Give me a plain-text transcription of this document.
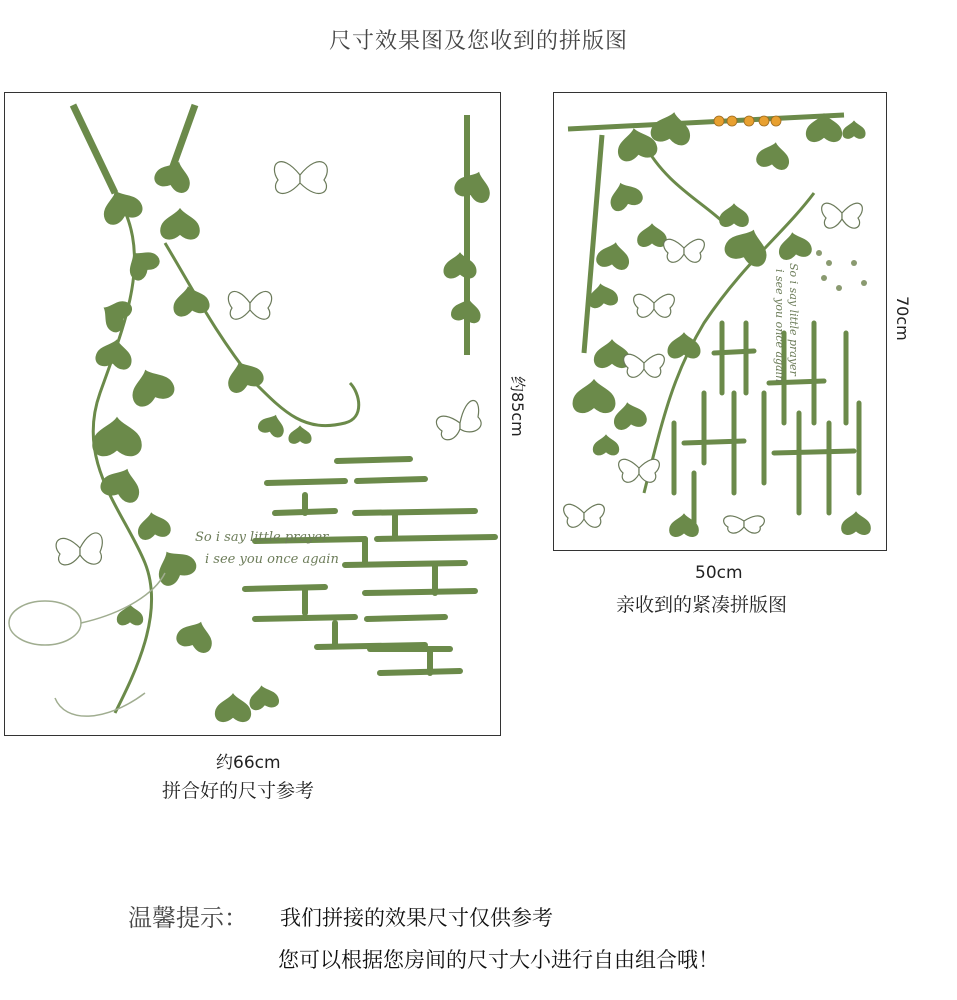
尺寸效果图及您收到的拼版图
So i say little prayer
i see you once again
约85cm
约66cm
拼合好的尺寸参考
So i say little prayer
i see you once again	70cm
50cm
亲收到的紧凑拼版图
温馨提示： 我们拼接的效果尺寸仅供参考
您可以根据您房间的尺寸大小进行自由组合哦！
